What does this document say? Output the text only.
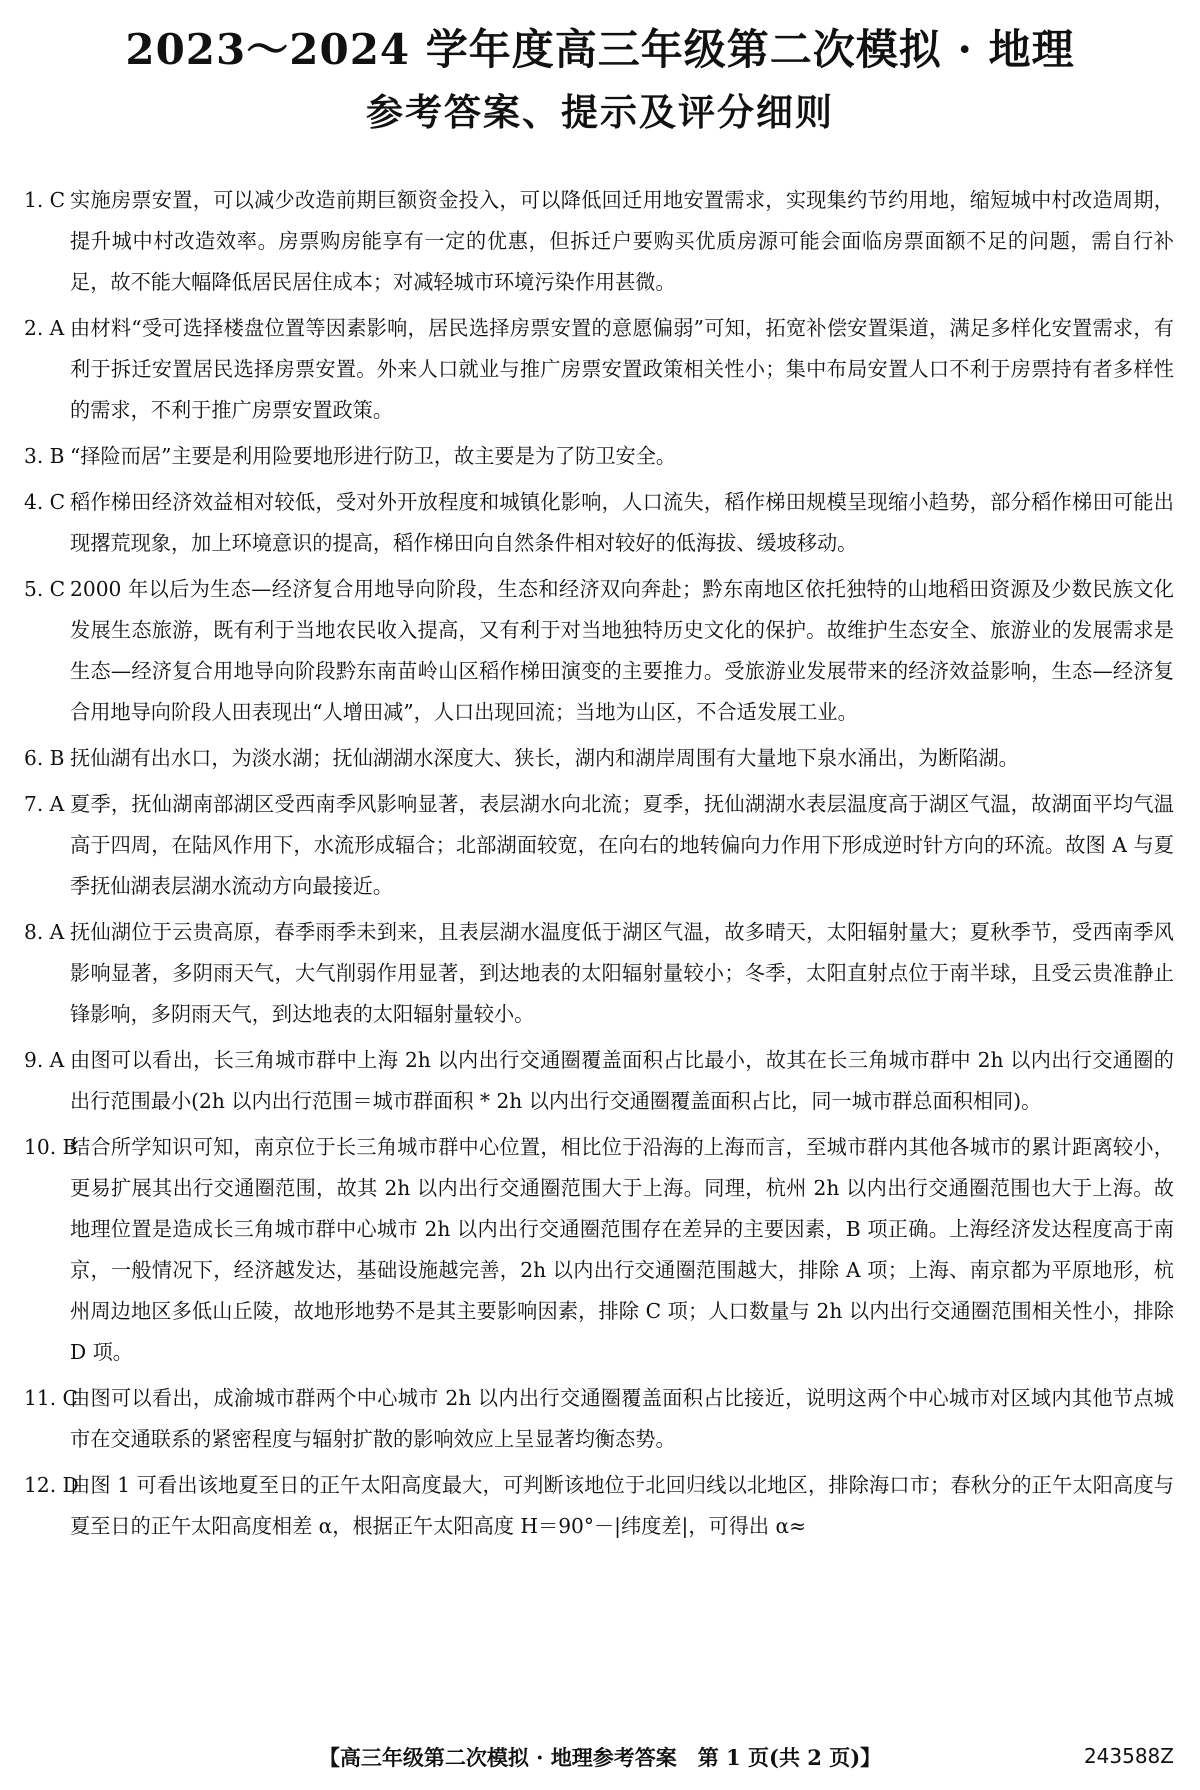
2023～2024 学年度高三年级第二次模拟 · 地理
参考答案、提示及评分细则
1. C 实施房票安置，可以减少改造前期巨额资金投入，可以降低回迁用地安置需求，实现集约节约用地，缩短城中村改造周期，提升城中村改造效率。房票购房能享有一定的优惠，但拆迁户要购买优质房源可能会面临房票面额不足的问题，需自行补足，故不能大幅降低居民居住成本；对减轻城市环境污染作用甚微。
2. A 由材料“受可选择楼盘位置等因素影响，居民选择房票安置的意愿偏弱”可知，拓宽补偿安置渠道，满足多样化安置需求，有利于拆迁安置居民选择房票安置。外来人口就业与推广房票安置政策相关性小；集中布局安置人口不利于房票持有者多样性的需求，不利于推广房票安置政策。
3. B “择险而居”主要是利用险要地形进行防卫，故主要是为了防卫安全。
4. C 稻作梯田经济效益相对较低，受对外开放程度和城镇化影响，人口流失，稻作梯田规模呈现缩小趋势，部分稻作梯田可能出现撂荒现象，加上环境意识的提高，稻作梯田向自然条件相对较好的低海拔、缓坡移动。
5. C 2000 年以后为生态—经济复合用地导向阶段，生态和经济双向奔赴；黔东南地区依托独特的山地稻田资源及少数民族文化发展生态旅游，既有利于当地农民收入提高，又有利于对当地独特历史文化的保护。故维护生态安全、旅游业的发展需求是生态—经济复合用地导向阶段黔东南苗岭山区稻作梯田演变的主要推力。受旅游业发展带来的经济效益影响，生态—经济复合用地导向阶段人田表现出“人增田减”，人口出现回流；当地为山区，不合适发展工业。
6. B 抚仙湖有出水口，为淡水湖；抚仙湖湖水深度大、狭长，湖内和湖岸周围有大量地下泉水涌出，为断陷湖。
7. A 夏季，抚仙湖南部湖区受西南季风影响显著，表层湖水向北流；夏季，抚仙湖湖水表层温度高于湖区气温，故湖面平均气温高于四周，在陆风作用下，水流形成辐合；北部湖面较宽，在向右的地转偏向力作用下形成逆时针方向的环流。故图 A 与夏季抚仙湖表层湖水流动方向最接近。
8. A 抚仙湖位于云贵高原，春季雨季未到来，且表层湖水温度低于湖区气温，故多晴天，太阳辐射量大；夏秋季节，受西南季风影响显著，多阴雨天气，大气削弱作用显著，到达地表的太阳辐射量较小；冬季，太阳直射点位于南半球，且受云贵准静止锋影响，多阴雨天气，到达地表的太阳辐射量较小。
9. A 由图可以看出，长三角城市群中上海 2h 以内出行交通圈覆盖面积占比最小，故其在长三角城市群中 2h 以内出行交通圈的出行范围最小(2h 以内出行范围＝城市群面积 * 2h 以内出行交通圈覆盖面积占比，同一城市群总面积相同)。
10. B
结合所学知识可知，南京位于长三角城市群中心位置，相比位于沿海的上海而言，至城市群内其他各城市的累计距离较小，更易扩展其出行交通圈范围，故其 2h 以内出行交通圈范围大于上海。同理，杭州 2h 以内出行交通圈范围也大于上海。故地理位置是造成长三角城市群中心城市 2h 以内出行交通圈范围存在差异的主要因素，B 项正确。上海经济发达程度高于南京，一般情况下，经济越发达，基础设施越完善，2h 以内出行交通圈范围越大，排除 A 项；上海、南京都为平原地形，杭州周边地区多低山丘陵，故地形地势不是其主要影响因素，排除 C 项；人口数量与 2h 以内出行交通圈范围相关性小，排除 D 项。
11. C
由图可以看出，成渝城市群两个中心城市 2h 以内出行交通圈覆盖面积占比接近，说明这两个中心城市对区域内其他节点城市在交通联系的紧密程度与辐射扩散的影响效应上呈显著均衡态势。
12. D
由图 1 可看出该地夏至日的正午太阳高度最大，可判断该地位于北回归线以北地区，排除海口市；春秋分的正午太阳高度与夏至日的正午太阳高度相差 α，根据正午太阳高度 H＝90°－|纬度差|，可得出 α≈
【高三年级第二次模拟 · 地理参考答案　第 1 页(共 2 页)】	243588Z
